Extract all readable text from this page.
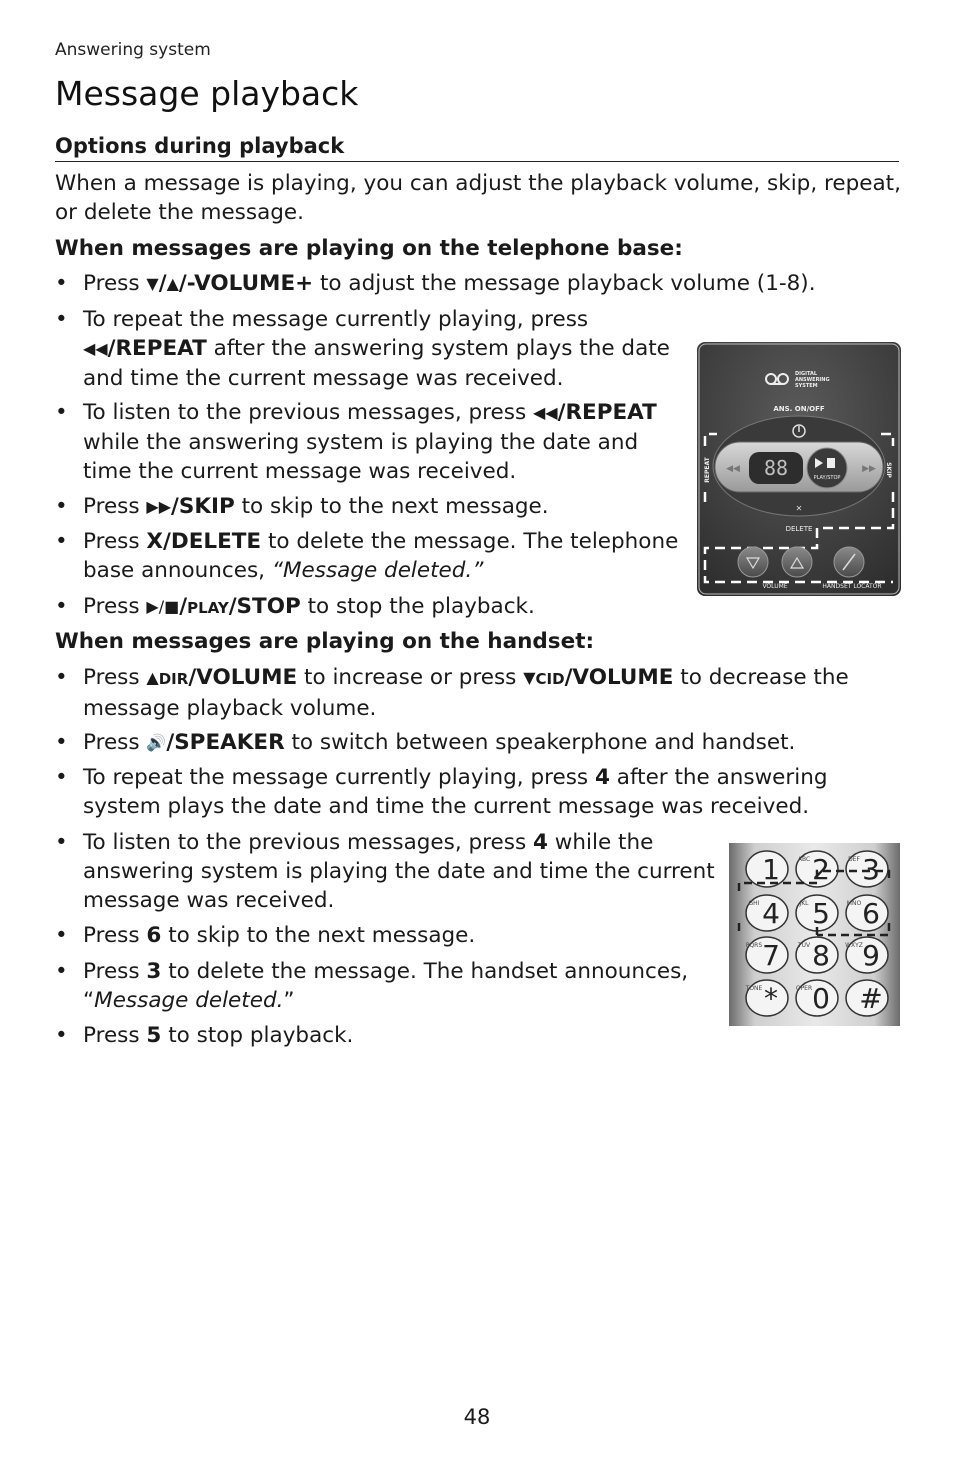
Answering system
Message playback
Options during playback
When a message is playing, you can adjust the playback volume, skip, repeat, or delete the message.
When messages are playing on the telephone base:
• Press ▼/▲/-VOLUME+ to adjust the message playback volume (1-8).
• To repeat the message currently playing, press
◀◀/REPEAT after the answering system plays the date and time the current message was received.
• To listen to the previous messages, press ◀◀/REPEAT while the answering system is playing the date and time the current message was received.
• Press ▶▶/SKIP to skip to the next message.
• Press X/DELETE to delete the message. The telephone base announces, “Message deleted.”
• Press ▶/■/PLAY/STOP to stop the playback.
When messages are playing on the handset:
• Press ▲DIR/VOLUME to increase or press ▼CID/VOLUME to decrease the message playback volume.
• Press 🔊/SPEAKER to switch between speakerphone and handset.
• To repeat the message currently playing, press 4 after the answering system plays the date and time the current message was received.
• To listen to the previous messages, press 4 while the answering system is playing the date and time the current message was received.
• Press 6 to skip to the next message.
• Press 3 to delete the message. The handset announces, “Message deleted.”
• Press 5 to stop playback.
DIGITAL
ANSWERING
SYSTEM
ANS. ON/OFF
88	PLAY/STOP
◀◀	▶▶
REPEAT	SKIP
✕
DELETE
VOLUME	HANDSET LOCATOR
1 2
ABC 3
DEF
4
GHI 5
JKL 6
MNO
7
PQRS 8
TUV 9
WXYZ
*
TONE 0
OPER #
48
